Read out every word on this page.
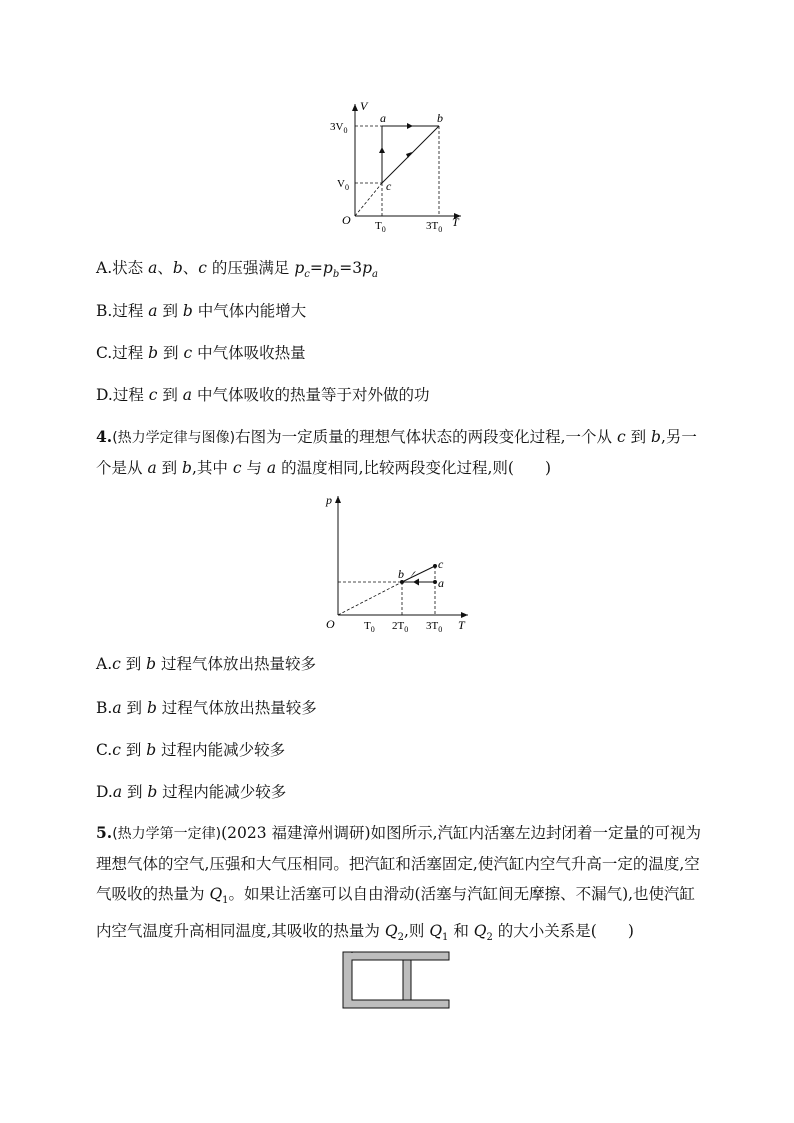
V
T
O
$3V_0$
$V_0$
$T_0$	$3T_0$
a	b
c
A.状态 a、b、c 的压强满足 $p_c=p_b=3p_a$
B.过程 a 到 b 中气体内能增大
C.过程 b 到 c 中气体吸收热量
D.过程 c 到 a 中气体吸收的热量等于对外做的功
4.(热力学定律与图像)右图为一定质量的理想气体状态的两段变化过程,一个从 c 到 b,另一个是从 a 到 b,其中 c 与 a 的温度相同,比较两段变化过程,则(　　)
p
T
O	$T_0$ $2T_0$ $3T_0$
a
b
c
A.c 到 b 过程气体放出热量较多
B.a 到 b 过程气体放出热量较多
C.c 到 b 过程内能减少较多
D.a 到 b 过程内能减少较多
5.(热力学第一定律)(2023 福建漳州调研)如图所示,汽缸内活塞左边封闭着一定量的可视为理想气体的空气,压强和大气压相同。把汽缸和活塞固定,使汽缸内空气升高一定的温度,空气吸收的热量为 $Q_1$。如果让活塞可以自由滑动(活塞与汽缸间无摩擦、不漏气),也使汽缸内空气温度升高相同温度,其吸收的热量为 $Q_2$,则 $Q_1$ 和 $Q_2$ 的大小关系是(　　)
